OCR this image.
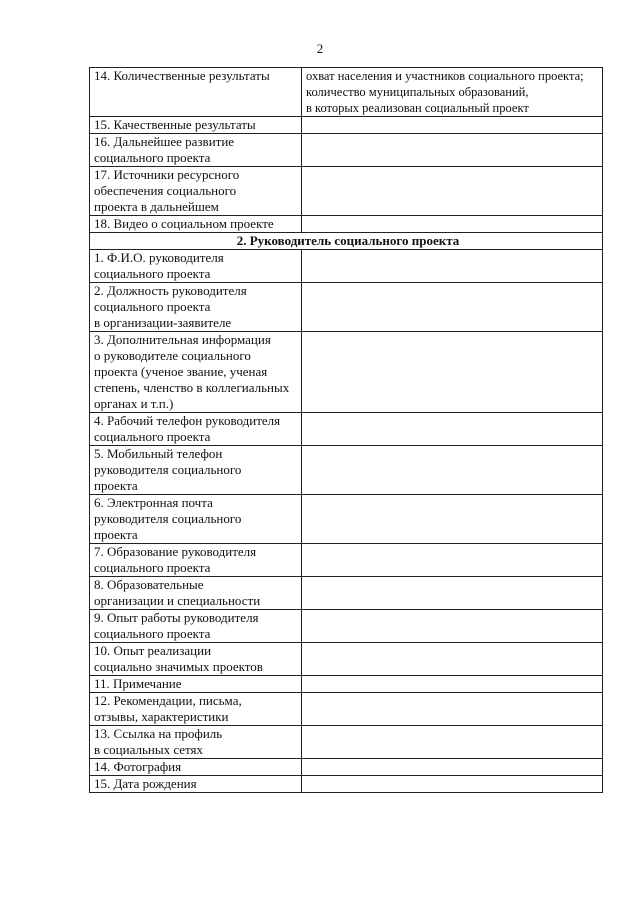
2
14. Количественные результаты	охват населения и участников социального проекта;
количество муниципальных образований,
в которых реализован социальный проект

15. Качественные результаты	

16. Дальнейшее развитие
социального проекта	

17. Источники ресурсного
обеспечения социального
проекта в дальнейшем	

18. Видео о социальном проекте	

2. Руководитель социального проекта	

1. Ф.И.О. руководителя
социального проекта	

2. Должность руководителя
социального проекта
в организации-заявителе	

3. Дополнительная информация
о руководителе социального
проекта (ученое звание, ученая
степень, членство в коллегиальных
органах и т.п.)	

4. Рабочий телефон руководителя
социального проекта	

5. Мобильный телефон
руководителя социального
проекта	

6. Электронная почта
руководителя социального
проекта	

7. Образование руководителя
социального проекта	

8. Образовательные
организации и специальности	

9. Опыт работы руководителя
социального проекта	

10. Опыт реализации
социально значимых проектов	

11. Примечание	

12. Рекомендации, письма,
отзывы, характеристики	

13. Ссылка на профиль
в социальных сетях	

14. Фотография	

15. Дата рождения	
